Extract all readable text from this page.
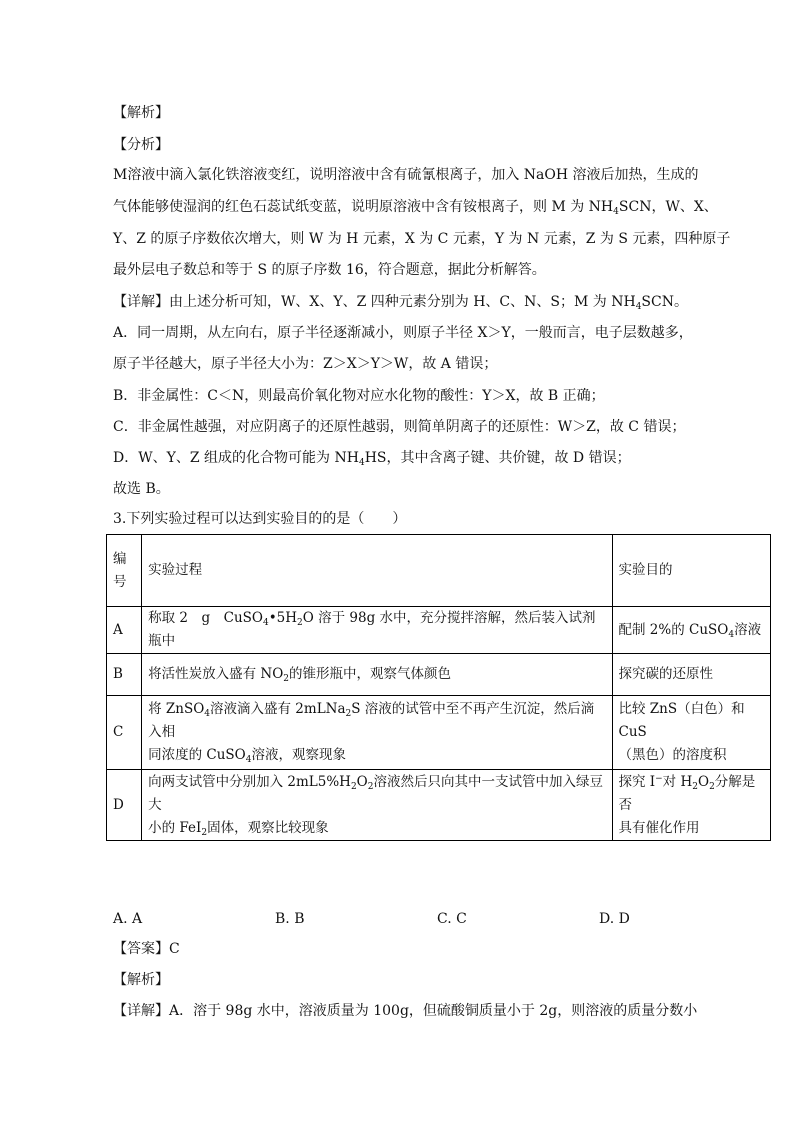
【解析】
【分析】
M溶液中滴入氯化铁溶液变红，说明溶液中含有硫氰根离子，加入 NaOH 溶液后加热，生成的
气体能够使湿润的红色石蕊试纸变蓝，说明原溶液中含有铵根离子，则 M 为 $NH_4SCN$，W、X、
Y、Z 的原子序数依次增大，则 W 为 H 元素，X 为 C 元素，Y 为 N 元素，Z 为 S 元素，四种原子
最外层电子数总和等于 S 的原子序数 16，符合题意，据此分析解答。
【详解】由上述分析可知，W、X、Y、Z 四种元素分别为 H、C、N、S；M 为 $NH_4SCN$。
A．同一周期，从左向右，原子半径逐渐减小，则原子半径 X＞Y，一般而言，电子层数越多，
原子半径越大，原子半径大小为：Z＞X＞Y＞W，故 A 错误；
B．非金属性：C＜N，则最高价氧化物对应水化物的酸性：Y＞X，故 B 正确；
C．非金属性越强，对应阴离子的还原性越弱，则简单阴离子的还原性：W＞Z，故 C 错误；
D．W、Y、Z 组成的化合物可能为 $NH_4HS$，其中含离子键、共价键，故 D 错误；
故选 B。
3.下列实验过程可以达到实验目的的是（　　）
编号	实验过程	实验目的
A	称取 2　g　$CuSO_4•5H_2O$ 溶于 98g 水中，充分搅拌溶解，然后装入试剂瓶中	配制 2%的 CuSO$_4$溶液
B	将活性炭放入盛有 $NO_2$的锥形瓶中，观察气体颜色	探究碳的还原性
C	将 ZnSO$_4$溶液滴入盛有 2mLNa$_2$S 溶液的试管中至不再产生沉淀，然后滴入相
同浓度的 CuSO$_4$溶液，观察现象	比较 ZnS（白色）和 CuS
（黑色）的溶度积
D	向两支试管中分别加入 $2mL5\%H_2O_2$溶液然后只向其中一支试管中加入绿豆大
小的 FeI$_2$固体，观察比较现象	探究 I−对 $H_2O_2$分解是否
具有催化作用
A. A	B. B	C. C	D. D
【答案】C
【解析】
【详解】A．溶于 98g 水中，溶液质量为 100g，但硫酸铜质量小于 2g，则溶液的质量分数小
